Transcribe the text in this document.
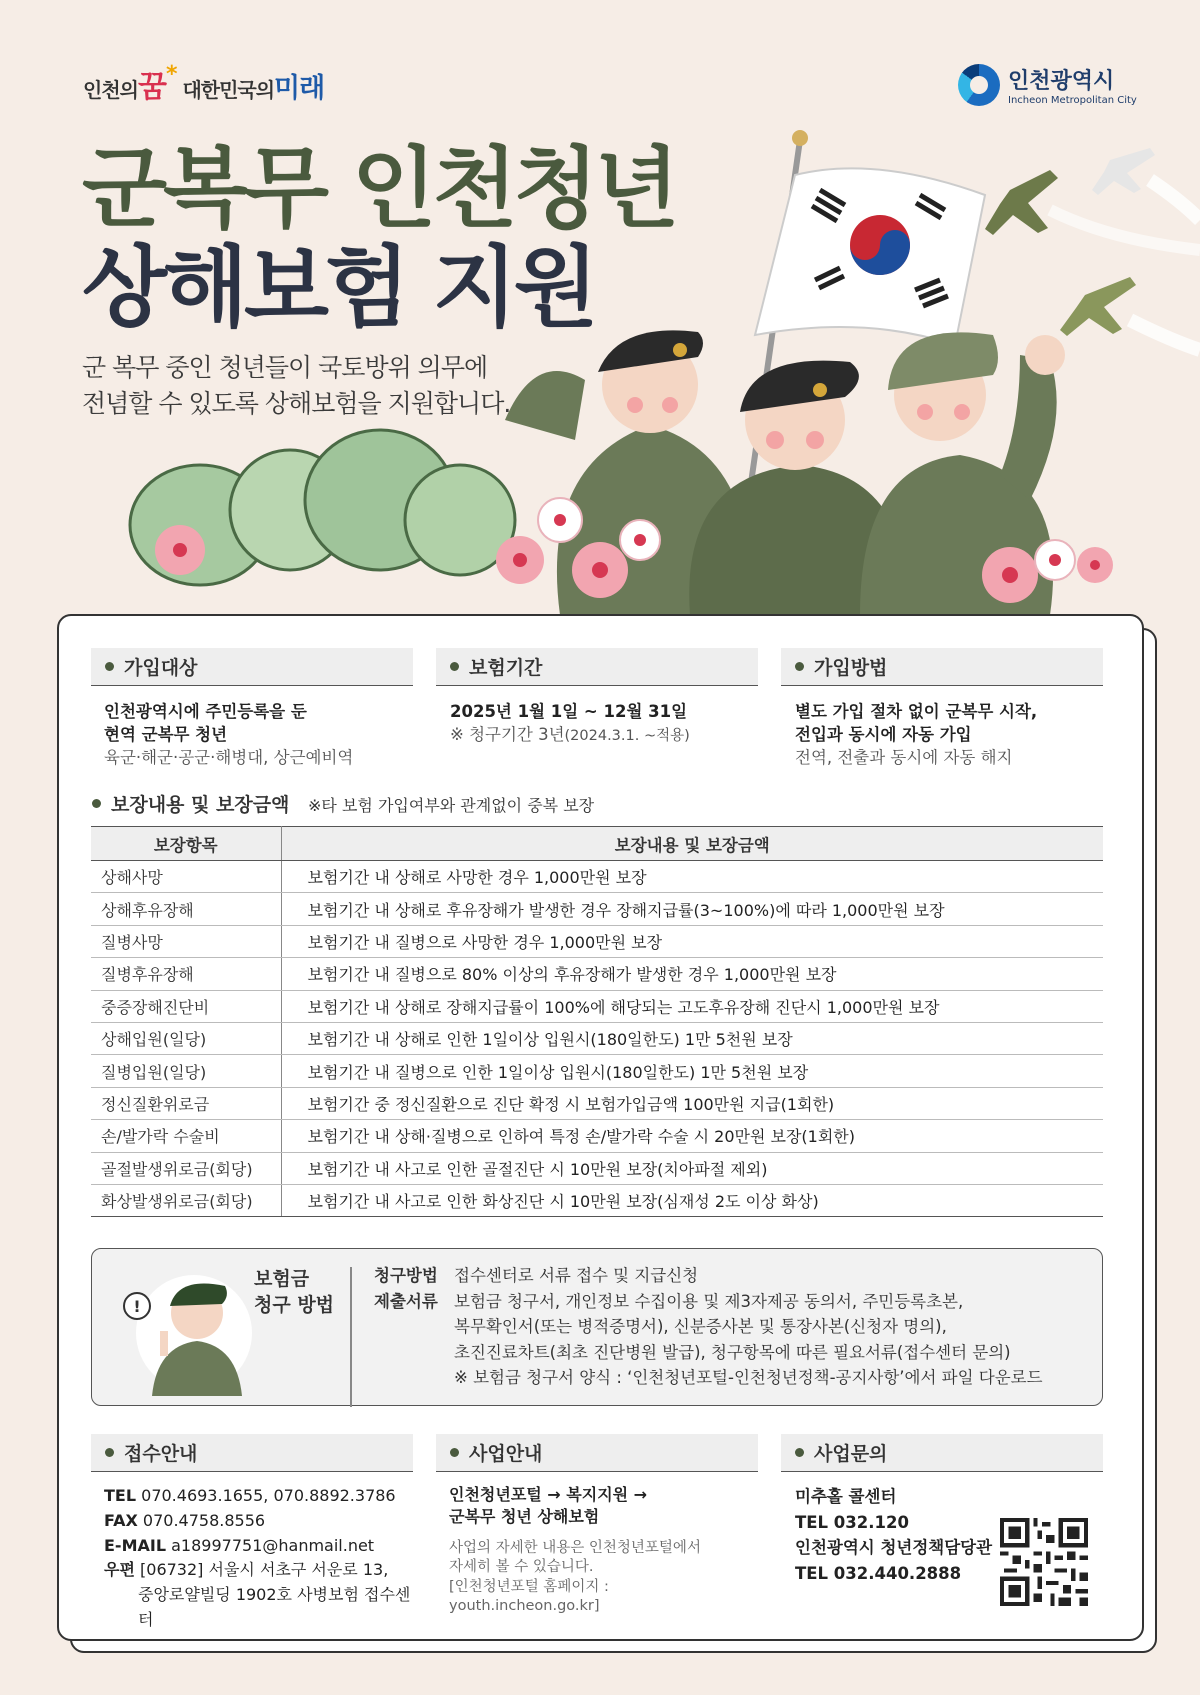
인천의꿈* 대한민국의미래	인천광역시
Incheon Metropolitan City
군복무 인천청년
상해보험 지원
군 복무 중인 청년들이 국토방위 의무에
전념할 수 있도록 상해보험을 지원합니다.
가입대상
인천광역시에 주민등록을 둔
현역 군복무 청년
육군·해군·공군·해병대, 상근예비역
보험기간
2025년 1월 1일 ~ 12월 31일
※ 청구기간 3년(2024.3.1. ~적용)
가입방법
별도 가입 절차 없이 군복무 시작,
전입과 동시에 자동 가입
전역, 전출과 동시에 자동 해지
보장내용 및 보장금액 ※타 보험 가입여부와 관계없이 중복 보장
보장항목	보장내용 및 보장금액
상해사망	보험기간 내 상해로 사망한 경우 1,000만원 보장
상해후유장해	보험기간 내 상해로 후유장해가 발생한 경우 장해지급률(3~100%)에 따라 1,000만원 보장
질병사망	보험기간 내 질병으로 사망한 경우 1,000만원 보장
질병후유장해	보험기간 내 질병으로 80% 이상의 후유장해가 발생한 경우 1,000만원 보장
중증장해진단비	보험기간 내 상해로 장해지급률이 100%에 해당되는 고도후유장해 진단시 1,000만원 보장
상해입원(일당)	보험기간 내 상해로 인한 1일이상 입원시(180일한도) 1만 5천원 보장
질병입원(일당)	보험기간 내 질병으로 인한 1일이상 입원시(180일한도) 1만 5천원 보장
정신질환위로금	보험기간 중 정신질환으로 진단 확정 시 보험가입금액 100만원 지급(1회한)
손/발가락 수술비	보험기간 내 상해·질병으로 인하여 특정 손/발가락 수술 시 20만원 보장(1회한)
골절발생위로금(회당)	보험기간 내 사고로 인한 골절진단 시 10만원 보장(치아파절 제외)
화상발생위로금(회당)	보험기간 내 사고로 인한 화상진단 시 10만원 보장(심재성 2도 이상 화상)
!
보험금
청구 방법
청구방법 접수센터로 서류 접수 및 지급신청
제출서류 보험금 청구서, 개인정보 수집이용 및 제3자제공 동의서, 주민등록초본,
복무확인서(또는 병적증명서), 신분증사본 및 통장사본(신청자 명의),
초진진료차트(최초 진단병원 발급), 청구항목에 따른 필요서류(접수센터 문의)
※ 보험금 청구서 양식 : ‘인천청년포털-인천청년정책-공지사항’에서 파일 다운로드
접수안내
TEL 070.4693.1655, 070.8892.3786
FAX 070.4758.8556
E-MAIL a18997751@hanmail.net
우편 [06732] 서울시 서초구 서운로 13,
중앙로얄빌딩 1902호 사병보험 접수센터
사업안내
인천청년포털 → 복지지원 →
군복무 청년 상해보험
사업의 자세한 내용은 인천청년포털에서
자세히 볼 수 있습니다.
[인천청년포털 홈페이지 : youth.incheon.go.kr]
사업문의
미추홀 콜센터
TEL 032.120
인천광역시 청년정책담당관
TEL 032.440.2888
